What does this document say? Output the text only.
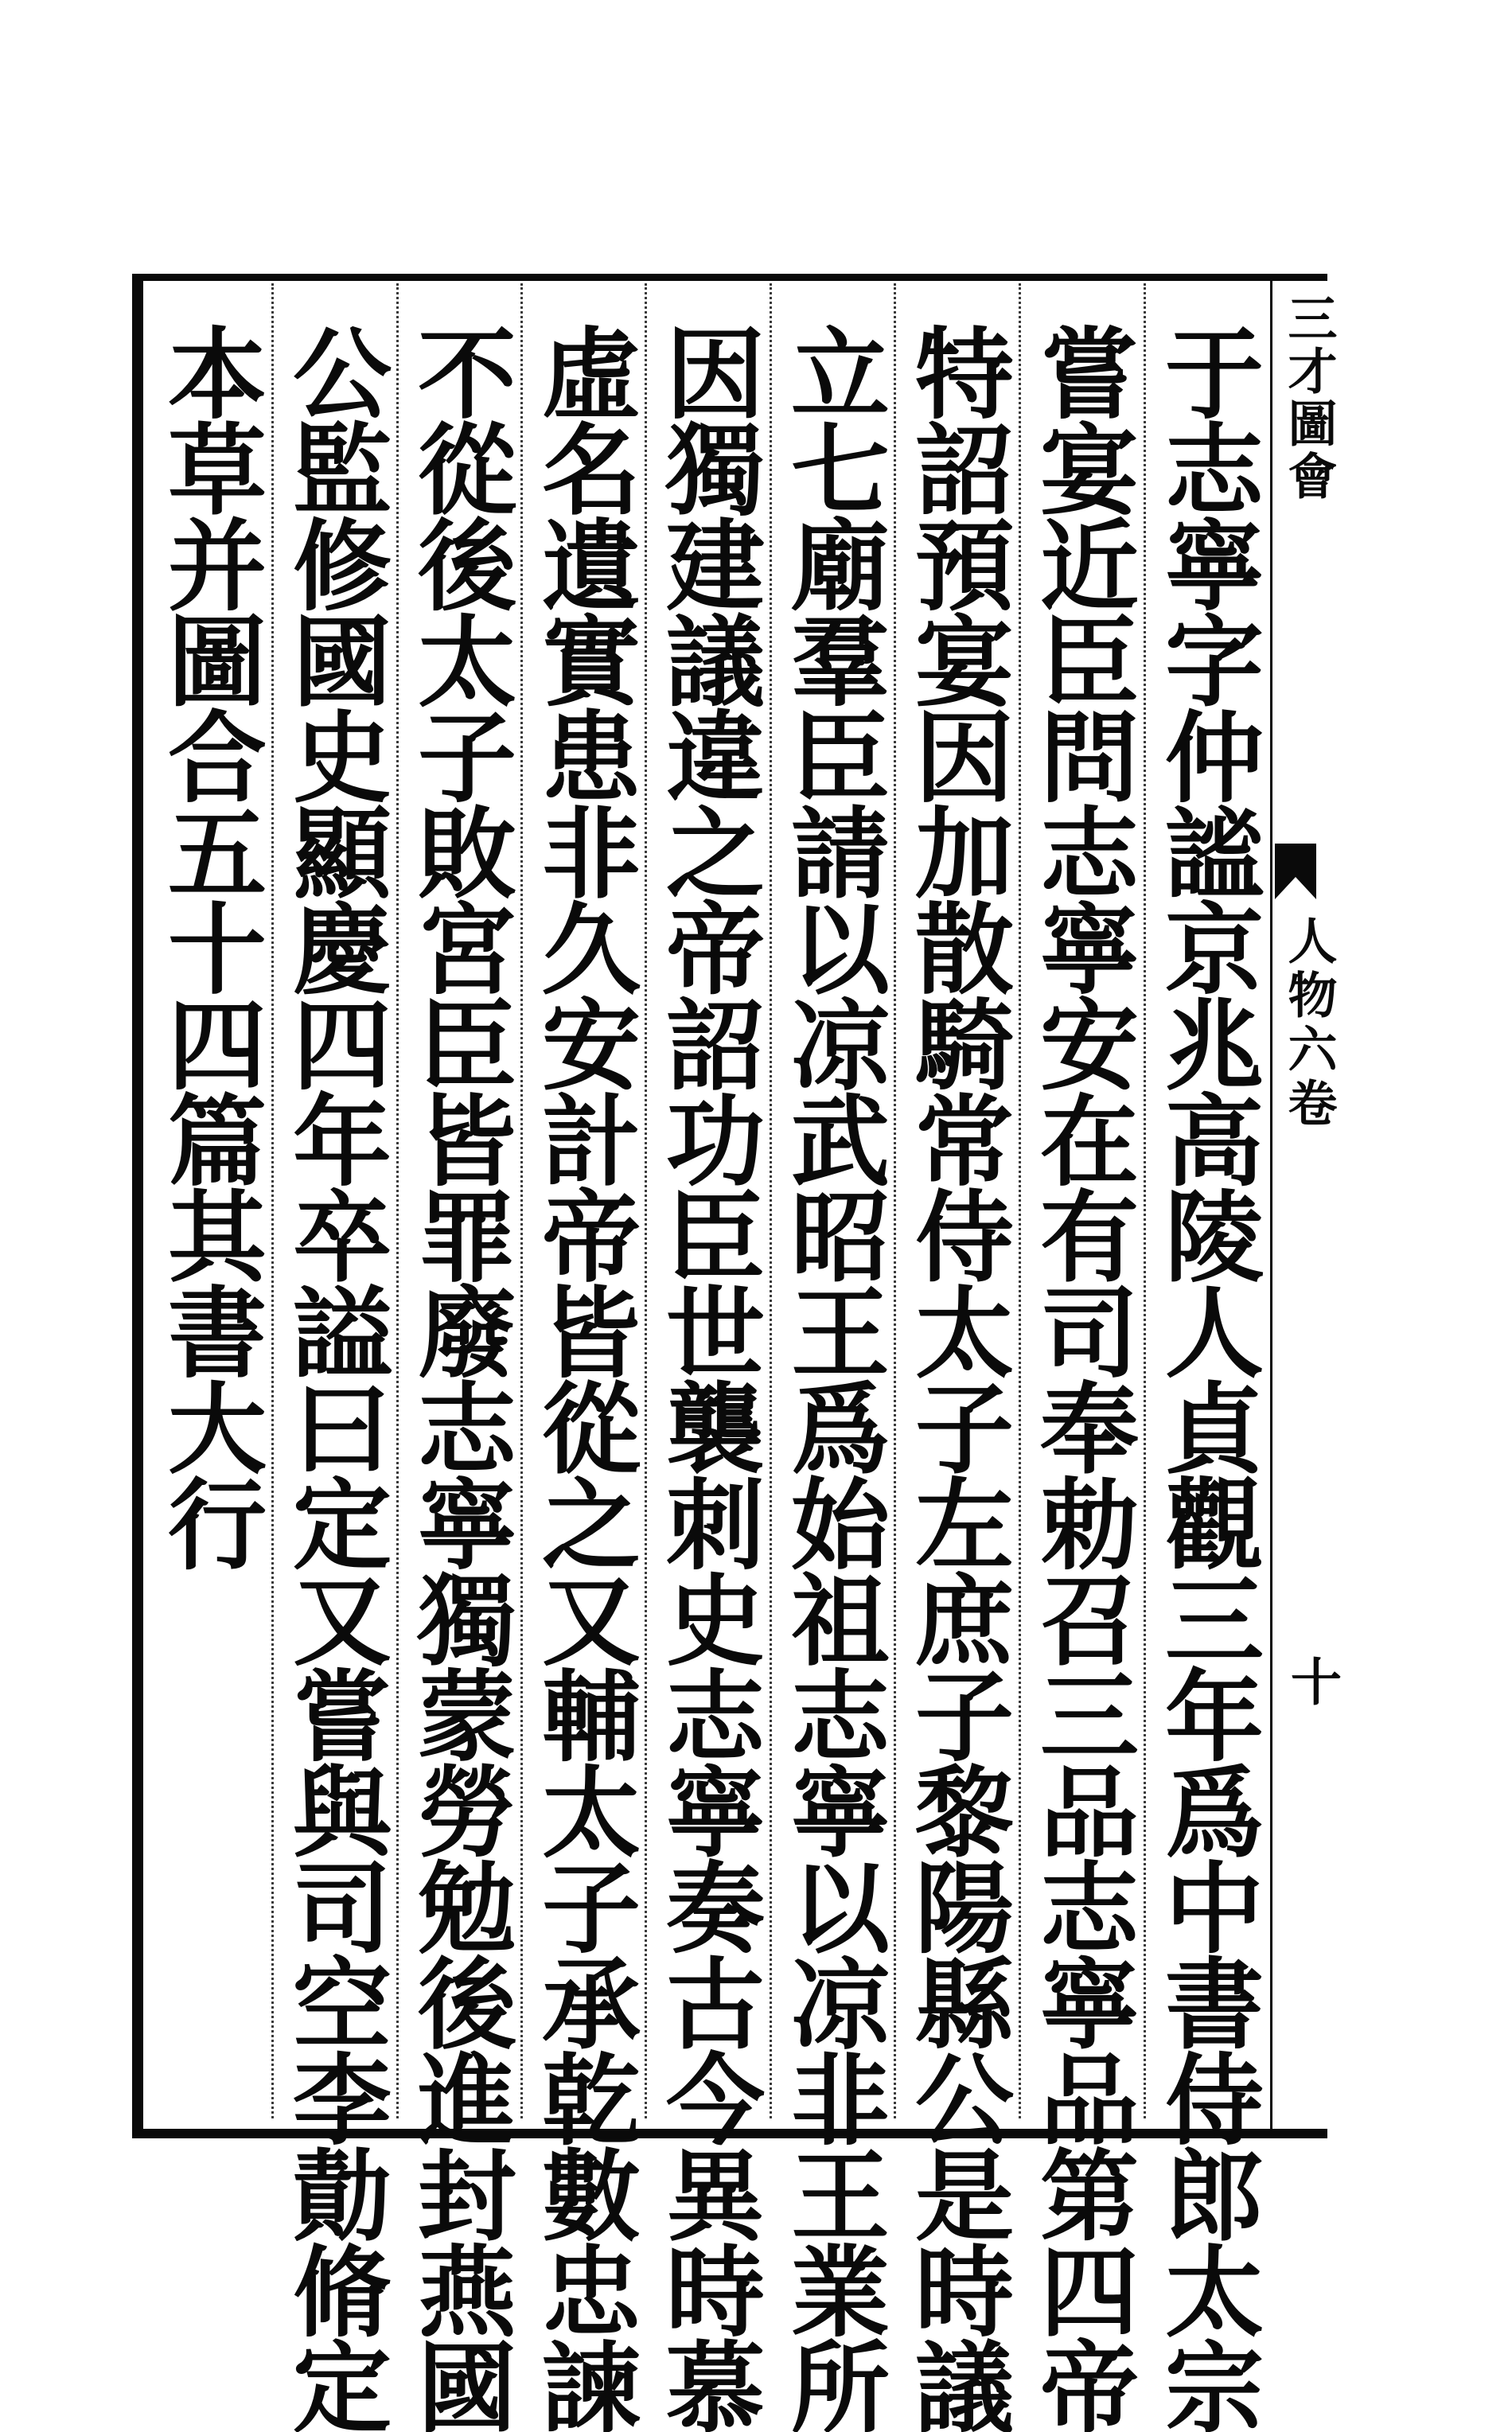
三才圖會
人物六卷
十
于志寧字仲謐京兆高陵人貞觀三年爲中書侍郎太宗
嘗宴近臣問志寧安在有司奉勅召三品志寧品第四帝
特詔預宴因加散騎常侍太子左庶子黎陽縣公是時議
立七廟羣臣請以凉武昭王爲始祖志寧以凉非王業所
因獨建議違之帝詔功臣世襲刺史志寧奏古今異時慕
虛名遺實患非久安計帝皆從之又輔太子承乾數忠諫
不從後太子敗宮臣皆罪廢志寧獨蒙勞勉後進封燕國
公監修國史顯慶四年卒謚曰定又嘗與司空李勣脩定
本草并圖合五十四篇其書大行
